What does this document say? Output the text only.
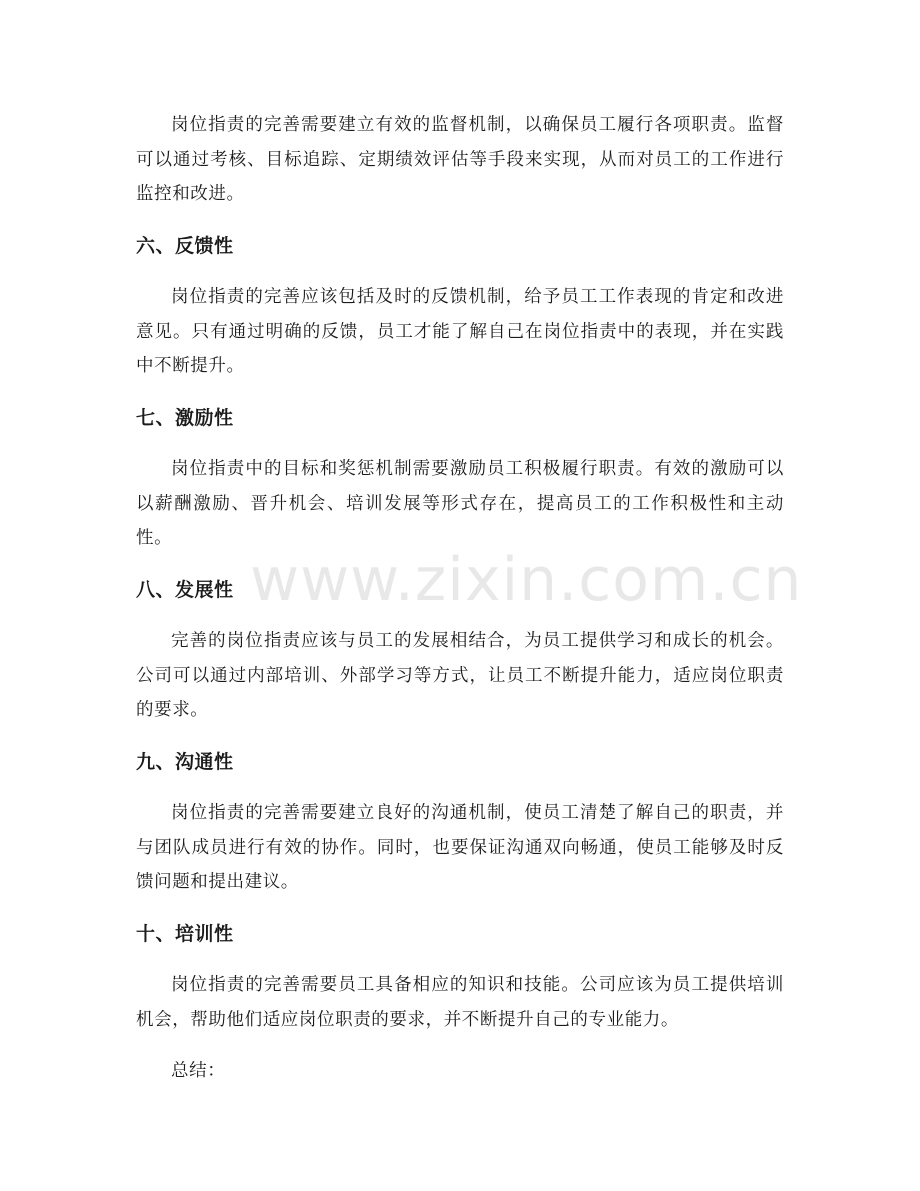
岗位指责的完善需要建立有效的监督机制，以确保员工履行各项职责。监督可以通过考核、目标追踪、定期绩效评估等手段来实现，从而对员工的工作进行监控和改进。

六、反馈性

岗位指责的完善应该包括及时的反馈机制，给予员工工作表现的肯定和改进意见。只有通过明确的反馈，员工才能了解自己在岗位指责中的表现，并在实践中不断提升。

七、激励性

岗位指责中的目标和奖惩机制需要激励员工积极履行职责。有效的激励可以以薪酬激励、晋升机会、培训发展等形式存在，提高员工的工作积极性和主动性。

八、发展性

完善的岗位指责应该与员工的发展相结合，为员工提供学习和成长的机会。公司可以通过内部培训、外部学习等方式，让员工不断提升能力，适应岗位职责的要求。

九、沟通性

岗位指责的完善需要建立良好的沟通机制，使员工清楚了解自己的职责，并与团队成员进行有效的协作。同时，也要保证沟通双向畅通，使员工能够及时反馈问题和提出建议。

十、培训性

岗位指责的完善需要员工具备相应的知识和技能。公司应该为员工提供培训机会，帮助他们适应岗位职责的要求，并不断提升自己的专业能力。

总结：

www.zixin.com.cn
